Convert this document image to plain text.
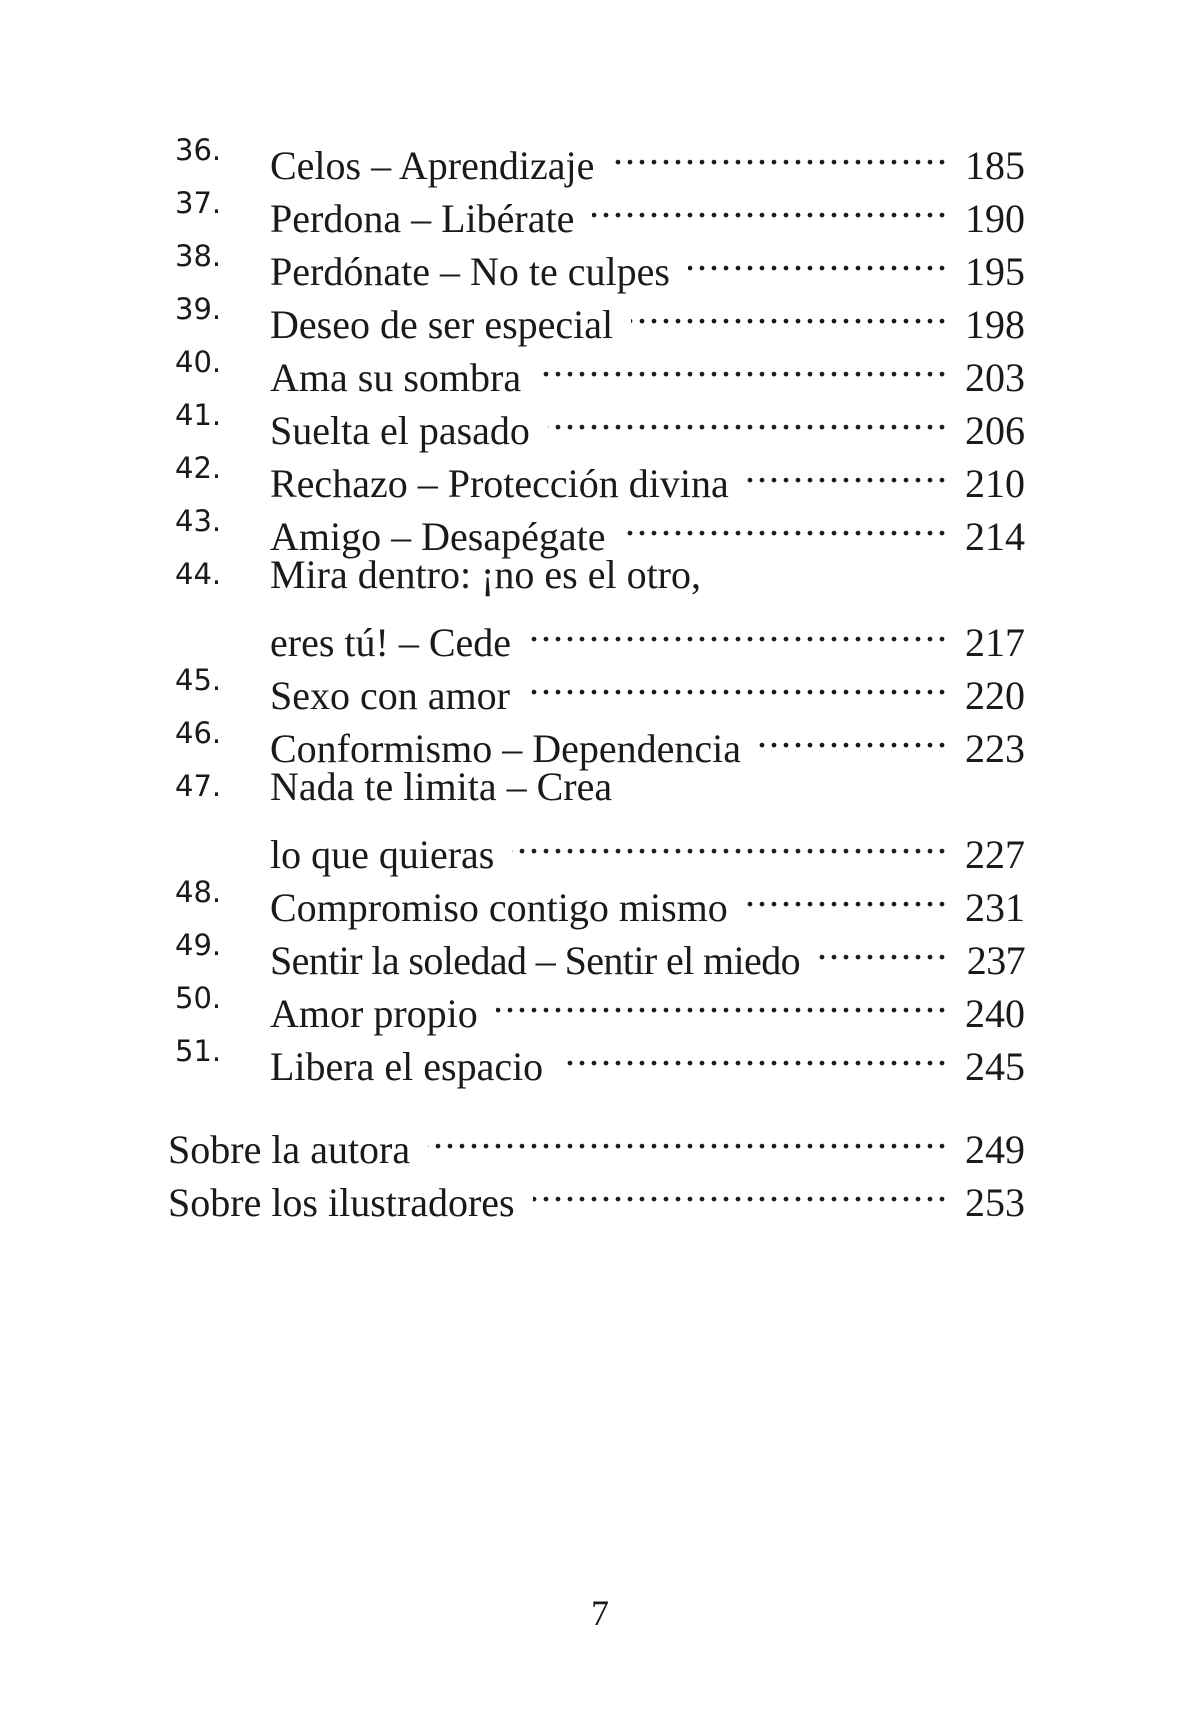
36.	Celos – Aprendizaje .....	185
37.	Perdona – Libérate .....	190
38.	Perdónate – No te culpes .....	195
39.	Deseo de ser especial .....	198
40.	Ama su sombra .....	203
41.	Suelta el pasado .....	206
42.	Rechazo – Protección divina .....	210
43.	Amigo – Desapégate .....	214
44.	Mira dentro: ¡no es el otro,
eres tú! – Cede .....	217
45.	Sexo con amor .....	220
46.	Conformismo – Dependencia .....	223
47.	Nada te limita – Crea
lo que quieras .....	227
48.	Compromiso contigo mismo .....	231
49.	Sentir la soledad – Sentir el miedo .....	237
50.	Amor propio .....	240
51.	Libera el espacio .....	245
Sobre la autora .....	249
Sobre los ilustradores .....	253
7
